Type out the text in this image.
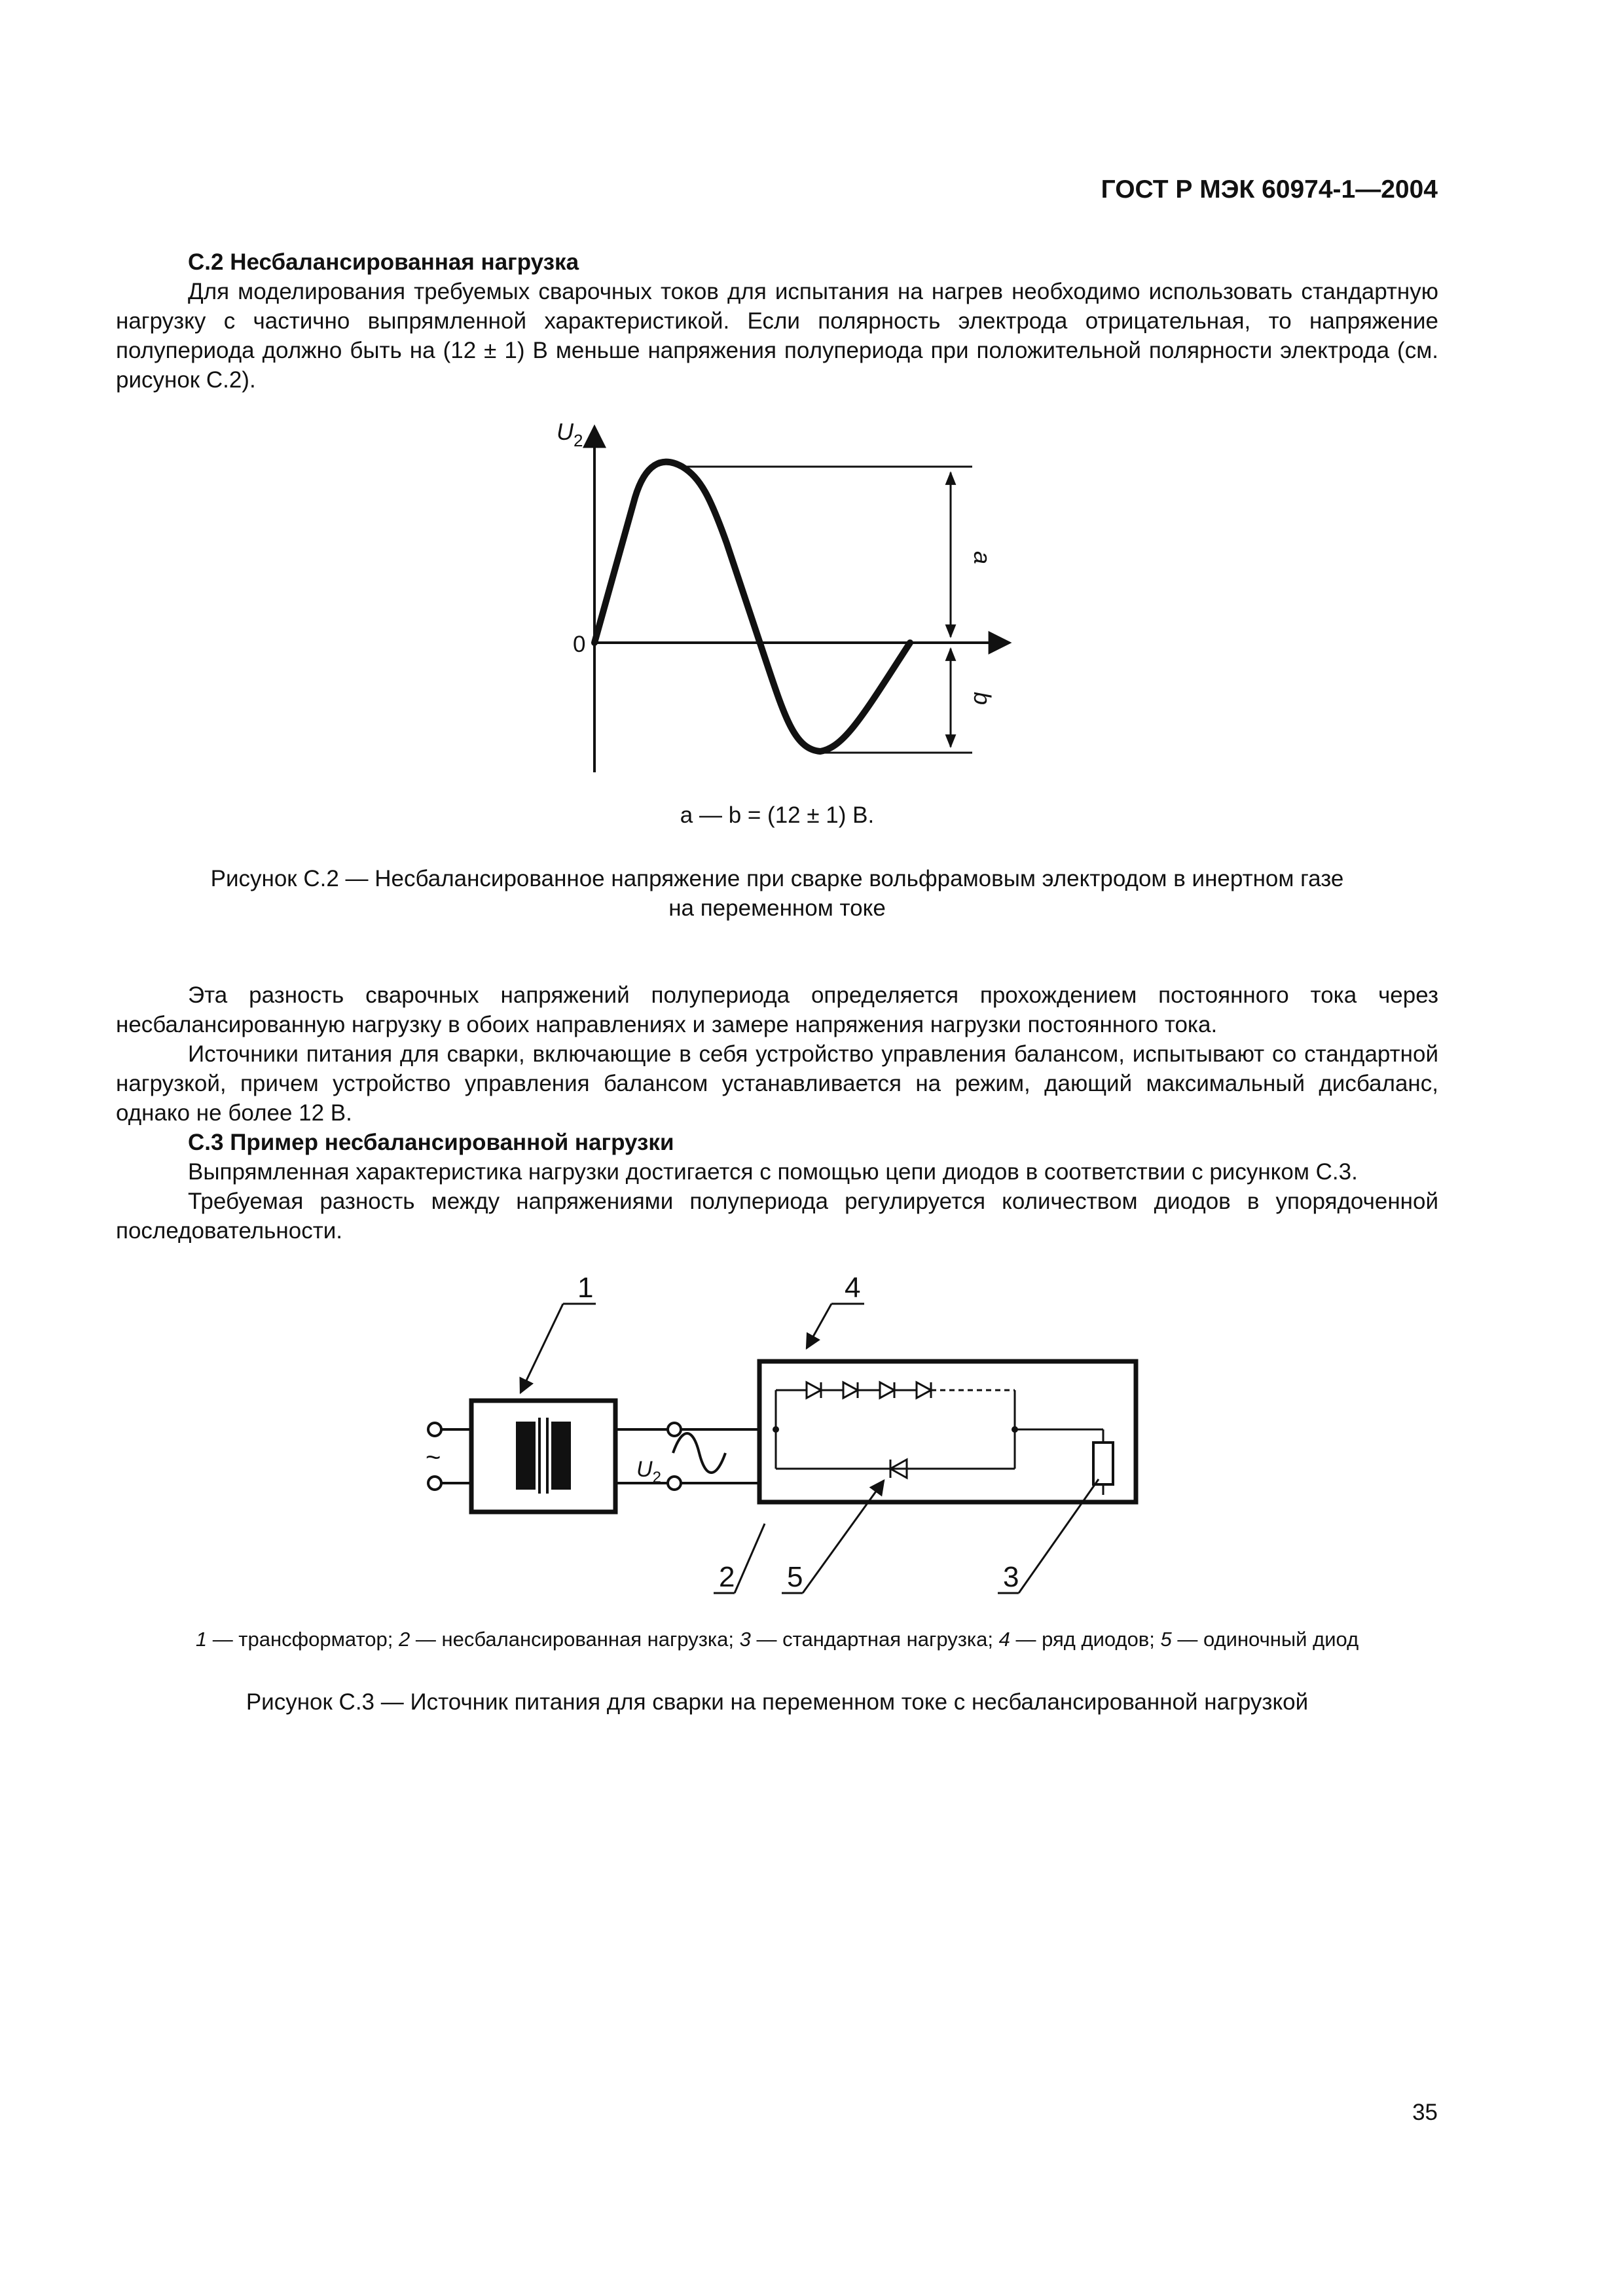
ГОСТ Р МЭК 60974-1—2004

С.2 Несбалансированная нагрузка

Для моделирования требуемых сварочных токов для испытания на нагрев необходимо использовать стандартную нагрузку с частично выпрямленной характеристикой. Если полярность электрода отрицательная, то напряжение полупериода должно быть на (12 ± 1) В меньше напряжения полупериода при положительной полярности электрода (см. рисунок С.2).

$U_2$
0
a
b
a — b = (12 ± 1) В.
Рисунок С.2 — Несбалансированное напряжение при сварке вольфрамовым электродом в инертном газе
на переменном токе

Эта разность сварочных напряжений полупериода определяется прохождением постоянного тока через несбалансированную нагрузку в обоих направлениях и замере напряжения нагрузки постоянного тока.

Источники питания для сварки, включающие в себя устройство управления балансом, испытывают со стандартной нагрузкой, причем устройство управления балансом устанавливается на режим, дающий максимальный дисбаланс, однако не более 12 В.

С.3 Пример несбалансированной нагрузки

Выпрямленная характеристика нагрузки достигается с помощью цепи диодов в соответствии с рисунком С.3.

Требуемая разность между напряжениями полупериода регулируется количеством диодов в упорядоченной последовательности.

~	$U_2$
1	4
2 5	3
1 — трансформатор; 2 — несбалансированная нагрузка; 3 — стандартная нагрузка; 4 — ряд диодов; 5 — одиночный диод
Рисунок С.3 — Источник питания для сварки на переменном токе с несбалансированной нагрузкой
35
